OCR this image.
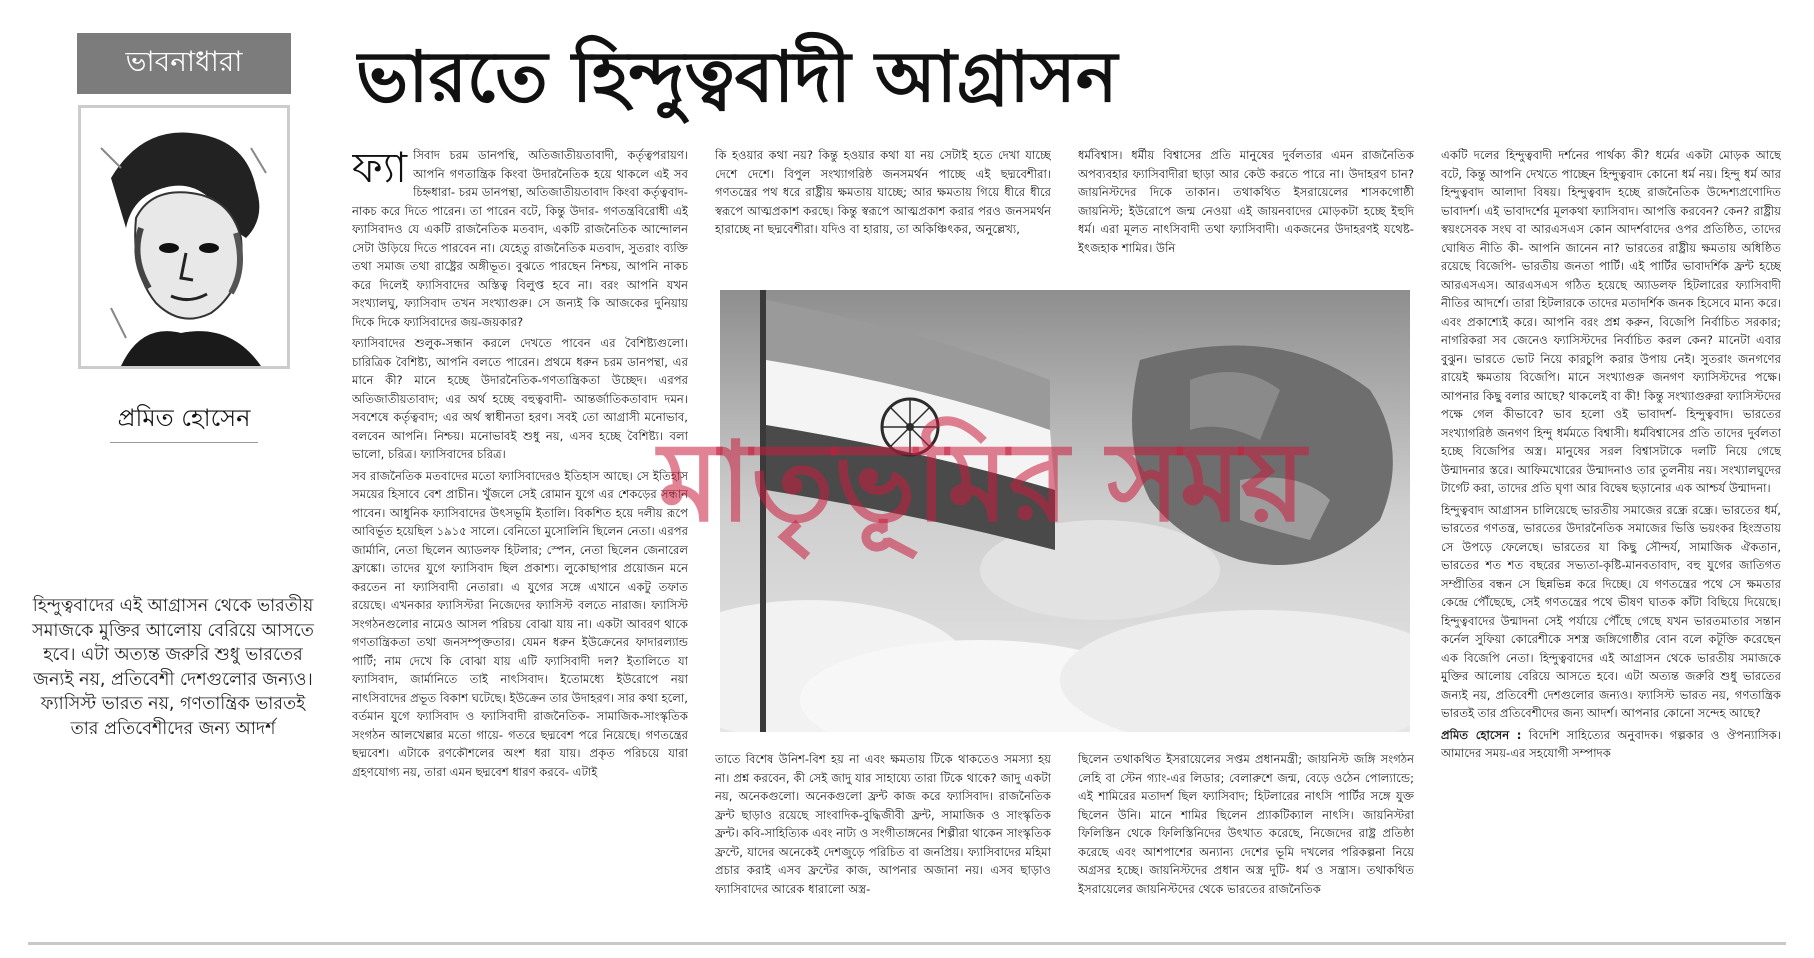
ভাবনাধারা	ভারতে হিন্দুত্ববাদী আগ্রাসন
প্রমিত হোসেন
হিন্দুত্ববাদের এই আগ্রাসন থেকে ভারতীয় সমাজকে মুক্তির আলোয় বেরিয়ে আসতে হবে। এটা অত্যন্ত জরুরি শুধু ভারতের জন্যই নয়, প্রতিবেশী দেশগুলোর জন্যও। ফ্যাসিস্ট ভারত নয়, গণতান্ত্রিক ভারতই তার প্রতিবেশীদের জন্য আদর্শ

ফ্যা সিবাদ চরম ডানপন্থি, অতিজাতীয়তাবাদী, কর্তৃত্বপরায়ণ। আপনি গণতান্ত্রিক কিংবা উদারনৈতিক হয়ে থাকলে এই সব চিহ্নধারা- চরম ডানপন্থা, অতিজাতীয়তাবাদ কিংবা কর্তৃত্ববাদ- নাকচ করে দিতে পারেন। তা পারেন বটে, কিন্তু উদার- গণতন্ত্রবিরোধী এই ফ্যাসিবাদও যে একটি রাজনৈতিক মতবাদ, একটি রাজনৈতিক আন্দোলন সেটা উড়িয়ে দিতে পারবেন না। যেহেতু রাজনৈতিক মতবাদ, সুতরাং ব্যক্তি তথা সমাজ তথা রাষ্ট্রের অঙ্গীভূত। বুঝতে পারছেন নিশ্চয়, আপনি নাকচ করে দিলেই ফ্যাসিবাদের অস্তিত্ব বিলুপ্ত হবে না। বরং আপনি যখন সংখ্যালঘু, ফ্যাসিবাদ তখন সংখ্যাগুরু। সে জন্যই কি আজকের দুনিয়ায় দিকে দিকে ফ্যাসিবাদের জয়-জয়কার?

ফ্যাসিবাদের শুলুক-সন্ধান করলে দেখতে পাবেন এর বৈশিষ্ট্যগুলো। চারিত্রিক বৈশিষ্ট্য, আপনি বলতে পারেন। প্রথমে ধরুন চরম ডানপন্থা, এর মানে কী? মানে হচ্ছে উদারনৈতিক-গণতান্ত্রিকতা উচ্ছেদ। এরপর অতিজাতীয়তাবাদ; এর অর্থ হচ্ছে বহুত্ববাদী- আন্তর্জাতিকতাবাদ দমন। সবশেষে কর্তৃত্ববাদ; এর অর্থ স্বাধীনতা হরণ। সবই তো আগ্রাসী মনোভাব, বলবেন আপনি। নিশ্চয়। মনোভাবই শুধু নয়, এসব হচ্ছে বৈশিষ্ট্য। বলা ভালো, চরিত্র। ফ্যাসিবাদের চরিত্র।

সব রাজনৈতিক মতবাদের মতো ফ্যাসিবাদেরও ইতিহাস আছে। সে ইতিহাস সময়ের হিসাবে বেশ প্রাচীন। খুঁজলে সেই রোমান যুগে এর শেকড়ের সন্ধান পাবেন। আধুনিক ফ্যাসিবাদের উৎসভূমি ইতালি। বিকশিত হয়ে দলীয় রূপে আবির্ভূত হয়েছিল ১৯১৫ সালে। বেনিতো মুসোলিনি ছিলেন নেতা। এরপর জার্মানি, নেতা ছিলেন অ্যাডলফ হিটলার; স্পেন, নেতা ছিলেন জেনারেল ফ্রাঙ্কো। তাদের যুগে ফ্যাসিবাদ ছিল প্রকাশ্য। লুকোছাপার প্রয়োজন মনে করতেন না ফ্যাসিবাদী নেতারা। এ যুগের সঙ্গে এখানে একটু তফাত রয়েছে। এখনকার ফ্যাসিস্টরা নিজেদের ফ্যাসিস্ট বলতে নারাজ। ফ্যাসিস্ট সংগঠনগুলোর নামেও আসল পরিচয় বোঝা যায় না। একটা আবরণ থাকে গণতান্ত্রিকতা তথা জনসম্পৃক্ততার। যেমন ধরুন ইউক্রেনের ফাদারল্যান্ড পার্টি; নাম দেখে কি বোঝা যায় এটি ফ্যাসিবাদী দল? ইতালিতে যা ফ্যাসিবাদ, জার্মানিতে তাই নাৎসিবাদ। ইতোমধ্যে ইউরোপে নয়া নাৎসিবাদের প্রভূত বিকাশ ঘটেছে। ইউক্রেন তার উদাহরণ। সার কথা হলো, বর্তমান যুগে ফ্যাসিবাদ ও ফ্যাসিবাদী রাজনৈতিক- সামাজিক-সাংস্কৃতিক সংগঠন আলখেল্লার মতো গায়ে- গতরে ছদ্মবেশ পরে নিয়েছে। গণতন্ত্রের ছদ্মবেশ। এটাকে রণকৌশলের অংশ ধরা যায়। প্রকৃত পরিচয়ে যারা গ্রহণযোগ্য নয়, তারা এমন ছদ্মবেশ ধারণ করবে- এটাই

কি হওয়ার কথা নয়? কিন্তু হওয়ার কথা যা নয় সেটাই হতে দেখা যাচ্ছে দেশে দেশে। বিপুল সংখ্যাগরিষ্ঠ জনসমর্থন পাচ্ছে এই ছদ্মবেশীরা। গণতন্ত্রের পথ ধরে রাষ্ট্রীয় ক্ষমতায় যাচ্ছে; আর ক্ষমতায় গিয়ে ধীরে ধীরে স্বরূপে আত্মপ্রকাশ করছে। কিন্তু স্বরূপে আত্মপ্রকাশ করার পরও জনসমর্থন হারাচ্ছে না ছদ্মবেশীরা। যদিও বা হারায়, তা অকিঞ্চিৎকর, অনুল্লেখ্য,

ধর্মবিশ্বাস। ধর্মীয় বিশ্বাসের প্রতি মানুষের দুর্বলতার এমন রাজনৈতিক অপব্যবহার ফ্যাসিবাদীরা ছাড়া আর কেউ করতে পারে না। উদাহরণ চান? জায়নিস্টদের দিকে তাকান। তথাকথিত ইসরায়েলের শাসকগোষ্ঠী জায়নিস্ট; ইউরোপে জন্ম নেওয়া এই জায়নবাদের মোড়কটা হচ্ছে ইহুদি ধর্ম। এরা মূলত নাৎসিবাদী তথা ফ্যাসিবাদী। একজনের উদাহরণই যথেষ্ট- ইৎজহাক শামির। উনি

মাতৃভূমির সময়

তাতে বিশেষ উনিশ-বিশ হয় না এবং ক্ষমতায় টিকে থাকতেও সমস্যা হয় না। প্রশ্ন করবেন, কী সেই জাদু যার সাহায্যে তারা টিকে থাকে? জাদু একটা নয়, অনেকগুলো। অনেকগুলো ফ্রন্ট কাজ করে ফ্যাসিবাদ। রাজনৈতিক ফ্রন্ট ছাড়াও রয়েছে সাংবাদিক-বুদ্ধিজীবী ফ্রন্ট, সামাজিক ও সাংস্কৃতিক ফ্রন্ট। কবি-সাহিত্যিক এবং নাট্য ও সংগীতাঙ্গনের শিল্পীরা থাকেন সাংস্কৃতিক ফ্রন্টে, যাদের অনেকেই দেশজুড়ে পরিচিত বা জনপ্রিয়। ফ্যাসিবাদের মহিমা প্রচার করাই এসব ফ্রন্টের কাজ, আপনার অজানা নয়। এসব ছাড়াও ফ্যাসিবাদের আরেক ধারালো অস্ত্র-

ছিলেন তথাকথিত ইসরায়েলের সপ্তম প্রধানমন্ত্রী; জায়নিস্ট জঙ্গি সংগঠন লেহি বা স্টেন গ্যাং-এর লিডার; বেলারুশে জন্ম, বেড়ে ওঠেন পোল্যান্ডে; এই শামিরের মতাদর্শ ছিল ফ্যাসিবাদ; হিটলারের নাৎসি পার্টির সঙ্গে যুক্ত ছিলেন উনি। মানে শামির ছিলেন প্র্যাকটিক্যাল নাৎসি। জায়নিস্টরা ফিলিস্তিন থেকে ফিলিস্তিনিদের উৎখাত করেছে, নিজেদের রাষ্ট্র প্রতিষ্ঠা করেছে এবং আশপাশের অন্যান্য দেশের ভূমি দখলের পরিকল্পনা নিয়ে অগ্রসর হচ্ছে। জায়নিস্টদের প্রধান অস্ত্র দুটি- ধর্ম ও সন্ত্রাস। তথাকথিত ইসরায়েলের জায়নিস্টদের থেকে ভারতের রাজনৈতিক

একটি দলের হিন্দুত্ববাদী দর্শনের পার্থক্য কী? ধর্মের একটা মোড়ক আছে বটে, কিন্তু আপনি দেখতে পাচ্ছেন হিন্দুত্ববাদ কোনো ধর্ম নয়। হিন্দু ধর্ম আর হিন্দুত্ববাদ আলাদা বিষয়। হিন্দুত্ববাদ হচ্ছে রাজনৈতিক উদ্দেশ্যপ্রণোদিত ভাবাদর্শ। এই ভাবাদর্শের মূলকথা ফ্যাসিবাদ। আপত্তি করবেন? কেন? রাষ্ট্রীয় স্বয়ংসেবক সংঘ বা আরএসএস কোন আদর্শবাদের ওপর প্রতিষ্ঠিত, তাদের ঘোষিত নীতি কী- আপনি জানেন না? ভারতের রাষ্ট্রীয় ক্ষমতায় অধিষ্ঠিত রয়েছে বিজেপি- ভারতীয় জনতা পার্টি। এই পার্টির ভাবাদর্শিক ফ্রন্ট হচ্ছে আরএসএস। আরএসএস গঠিত হয়েছে অ্যাডলফ হিটলারের ফ্যাসিবাদী নীতির আদর্শে। তারা হিটলারকে তাদের মতাদর্শিক জনক হিসেবে মান্য করে। এবং প্রকাশ্যেই করে। আপনি বরং প্রশ্ন করুন, বিজেপি নির্বাচিত সরকার; নাগরিকরা সব জেনেও ফ্যাসিস্টদের নির্বাচিত করল কেন? মানেটা এবার বুঝুন। ভারতে ভোট নিয়ে কারচুপি করার উপায় নেই। সুতরাং জনগণের রায়েই ক্ষমতায় বিজেপি। মানে সংখ্যাগুরু জনগণ ফ্যাসিস্টদের পক্ষে। আপনার কিছু বলার আছে? থাকলেই বা কী! কিন্তু সংখ্যাগুরুরা ফ্যাসিস্টদের পক্ষে গেল কীভাবে? ভাব হলো ওই ভাবাদর্শ- হিন্দুত্ববাদ। ভারতের সংখ্যাগরিষ্ঠ জনগণ হিন্দু ধর্মমতে বিশ্বাসী। ধর্মবিশ্বাসের প্রতি তাদের দুর্বলতা হচ্ছে বিজেপির অস্ত্র। মানুষের সরল বিশ্বাসটাকে দলটি নিয়ে গেছে উন্মাদনার স্তরে। আফিমখোরের উন্মাদনাও তার তুলনীয় নয়। সংখ্যালঘুদের টার্গেট করা, তাদের প্রতি ঘৃণা আর বিদ্বেষ ছড়ানোর এক আশ্চর্য উন্মাদনা।

হিন্দুত্ববাদ আগ্রাসন চালিয়েছে ভারতীয় সমাজের রন্ধ্রে রন্ধ্রে। ভারতের ধর্ম, ভারতের গণতন্ত্র, ভারতের উদারনৈতিক সমাজের ভিত্তি ভয়ংকর হিংস্রতায় সে উপড়ে ফেলেছে। ভারতের যা কিছু সৌন্দর্য, সামাজিক ঐকতান, ভারতের শত শত বছরের সভ্যতা-কৃষ্টি-মানবতাবাদ, বহু যুগের জাতিগত সম্প্রীতির বন্ধন সে ছিন্নভিন্ন করে দিচ্ছে। যে গণতন্ত্রের পথে সে ক্ষমতার কেন্দ্রে পৌঁছেছে, সেই গণতন্ত্রের পথে ভীষণ ঘাতক কাঁটা বিছিয়ে দিয়েছে। হিন্দুত্ববাদের উন্মাদনা সেই পর্যায়ে পৌঁছে গেছে যখন ভারতমাতার সন্তান কর্নেল সুফিয়া কোরেশীকে সশস্ত্র জঙ্গিগোষ্ঠীর বোন বলে কটূক্তি করেছেন এক বিজেপি নেতা। হিন্দুত্ববাদের এই আগ্রাসন থেকে ভারতীয় সমাজকে মুক্তির আলোয় বেরিয়ে আসতে হবে। এটা অত্যন্ত জরুরি শুধু ভারতের জন্যই নয়, প্রতিবেশী দেশগুলোর জন্যও। ফ্যাসিস্ট ভারত নয়, গণতান্ত্রিক ভারতই তার প্রতিবেশীদের জন্য আদর্শ। আপনার কোনো সন্দেহ আছে?

প্রমিত হোসেন : বিদেশি সাহিত্যের অনুবাদক। গল্পকার ও ঔপন্যাসিক। আমাদের সময়-এর সহযোগী সম্পাদক
